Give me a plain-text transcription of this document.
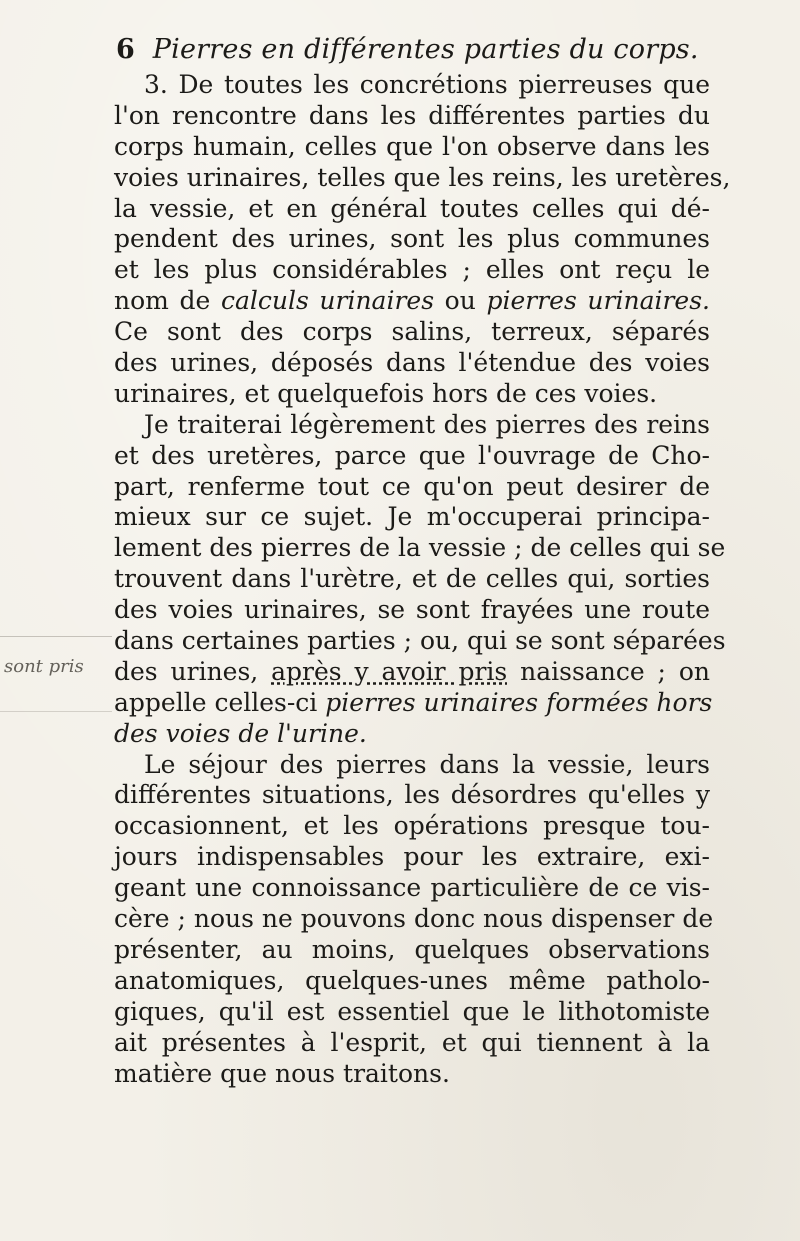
6 Pierres en différentes parties du corps.
sont pris
3. De toutes les concrétions pierreuses que
l'on rencontre dans les différentes parties du
corps humain, celles que l'on observe dans les
voies urinaires, telles que les reins, les uretères,
la vessie, et en général toutes celles qui dé-
pendent des urines, sont les plus communes
et les plus considérables ; elles ont reçu le
nom de calculs urinaires ou pierres urinaires.
Ce sont des corps salins, terreux, séparés
des urines, déposés dans l'étendue des voies
urinaires, et quelquefois hors de ces voies.
Je traiterai légèrement des pierres des reins
et des uretères, parce que l'ouvrage de Cho-
part, renferme tout ce qu'on peut desirer de
mieux sur ce sujet. Je m'occuperai principa-
lement des pierres de la vessie ; de celles qui se
trouvent dans l'urètre, et de celles qui, sorties
des voies urinaires, se sont frayées une route
dans certaines parties ; ou, qui se sont séparées
des urines, après y avoir pris naissance ; on
appelle celles-ci pierres urinaires formées hors
des voies de l'urine.
Le séjour des pierres dans la vessie, leurs
différentes situations, les désordres qu'elles y
occasionnent, et les opérations presque tou-
jours indispensables pour les extraire, exi-
geant une connoissance particulière de ce vis-
cère ; nous ne pouvons donc nous dispenser de
présenter, au moins, quelques observations
anatomiques, quelques-unes même patholo-
giques, qu'il est essentiel que le lithotomiste
ait présentes à l'esprit, et qui tiennent à la
matière que nous traitons.
